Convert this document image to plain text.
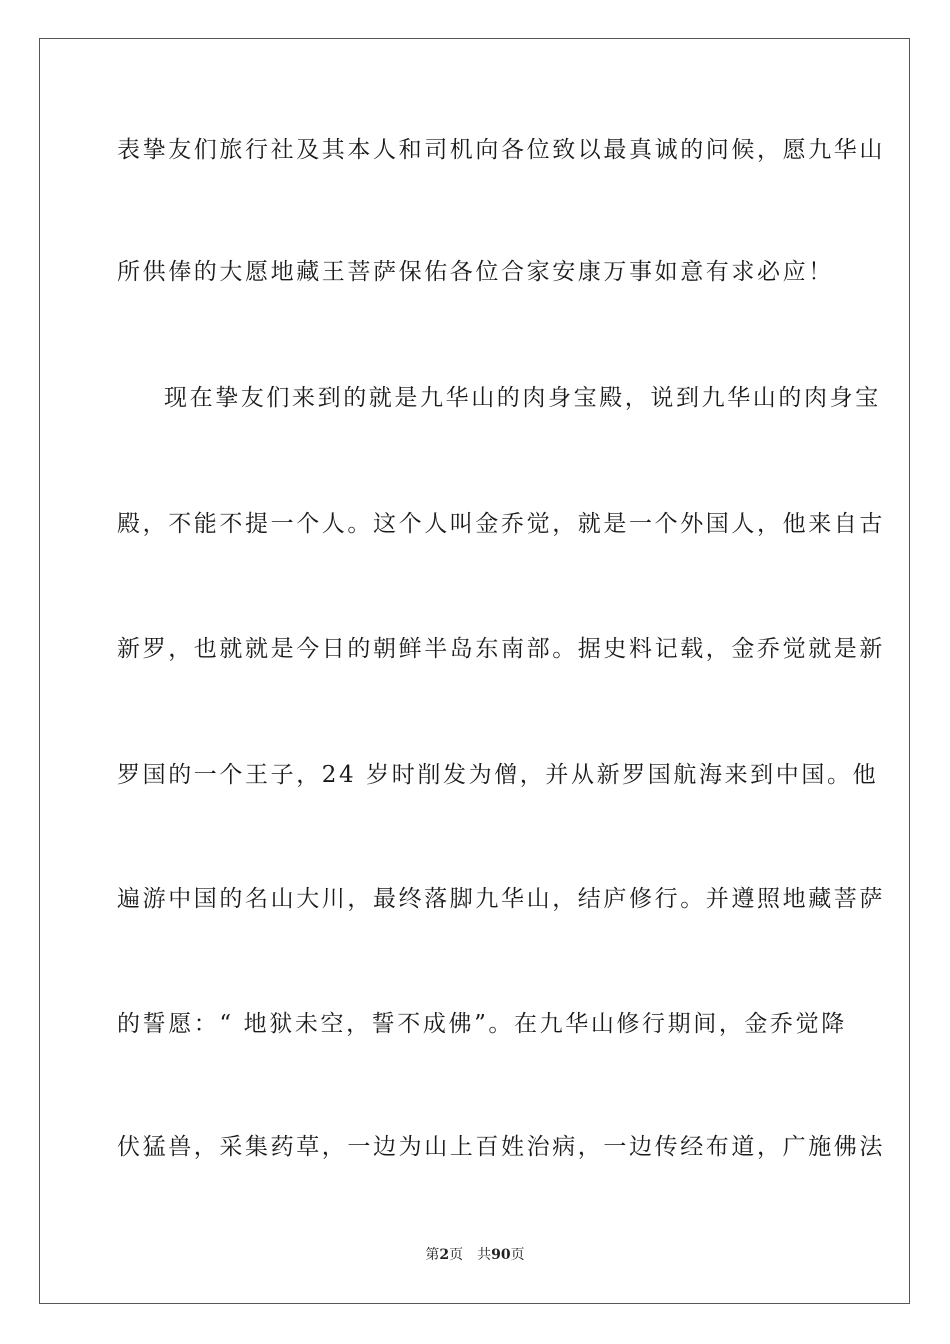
表挚友们旅行社及其本人和司机向各位致以最真诚的问候，愿九华山
所供俸的大愿地藏王菩萨保佑各位合家安康万事如意有求必应！
现在挚友们来到的就是九华山的肉身宝殿，说到九华山的肉身宝
殿，不能不提一个人。这个人叫金乔觉，就是一个外国人，他来自古
新罗，也就就是今日的朝鲜半岛东南部。据史料记载，金乔觉就是新
罗国的一个王子，24 岁时削发为僧，并从新罗国航海来到中国。他
遍游中国的名山大川，最终落脚九华山，结庐修行。并遵照地藏菩萨
的誓愿：“ 地狱未空，誓不成佛”。在九华山修行期间，金乔觉降
伏猛兽，采集药草，一边为山上百姓治病，一边传经布道，广施佛法
第2页 共90页
